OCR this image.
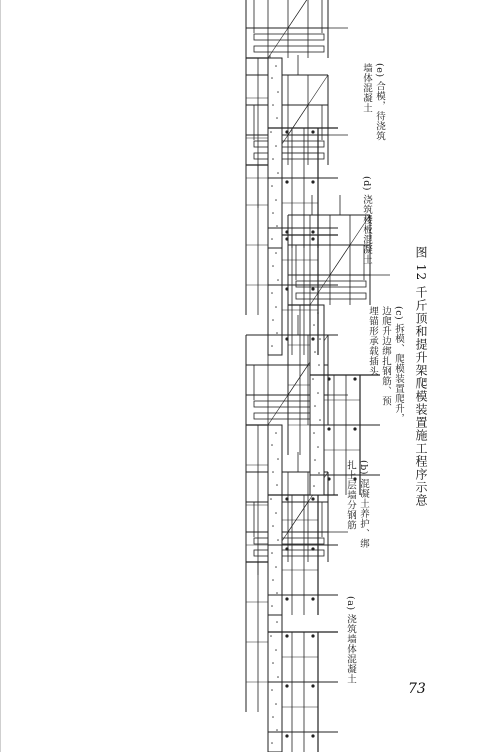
(a) 浇筑墙体混凝土
(b) 混凝土养护、绑
扎上层墙分钢筋
(c) 拆模、爬模装置爬升，
边爬升边绑扎钢筋、预
埋锚形承载插头
(d) 浇筑楼板混凝土
(e) 合模，待浇筑
墙体混凝土
图 12 千斤顶和提升架爬模装置施工程序示意
73
